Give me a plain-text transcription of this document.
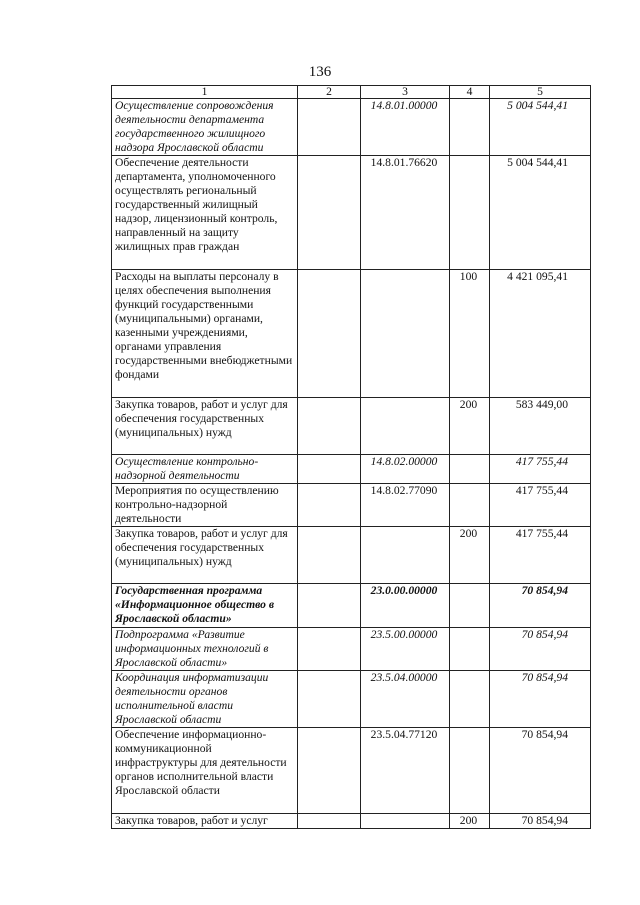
136
1	2	3	4	5
Осуществление сопровождения деятельности департамента государственного жилищного надзора Ярославской области		14.8.01.00000		5 004 544,41
Обеспечение деятельности департамента, уполномоченного осуществлять региональный государственный жилищный надзор, лицензионный контроль, направленный на защиту жилищных прав граждан		14.8.01.76620		5 004 544,41
Расходы на выплаты персоналу в целях обеспечения выполнения функций государственными (муниципальными) органами, казенными учреждениями, органами управления государственными внебюджетными фондами			100	4 421 095,41
Закупка товаров, работ и услуг для обеспечения государственных (муниципальных) нужд			200	583 449,00
Осуществление контрольно-надзорной деятельности		14.8.02.00000		417 755,44
Мероприятия по осуществлению контрольно-надзорной деятельности		14.8.02.77090		417 755,44
Закупка товаров, работ и услуг для обеспечения государственных (муниципальных) нужд			200	417 755,44
Государственная программа «Информационное общество в Ярославской области»		23.0.00.00000		70 854,94
Подпрограмма «Развитие информационных технологий в Ярославской области»		23.5.00.00000		70 854,94
Координация информатизации деятельности органов исполнительной власти Ярославской области		23.5.04.00000		70 854,94
Обеспечение информационно-коммуникационной инфраструктуры для деятельности органов исполнительной власти Ярославской области		23.5.04.77120		70 854,94
Закупка товаров, работ и услуг			200	70 854,94
